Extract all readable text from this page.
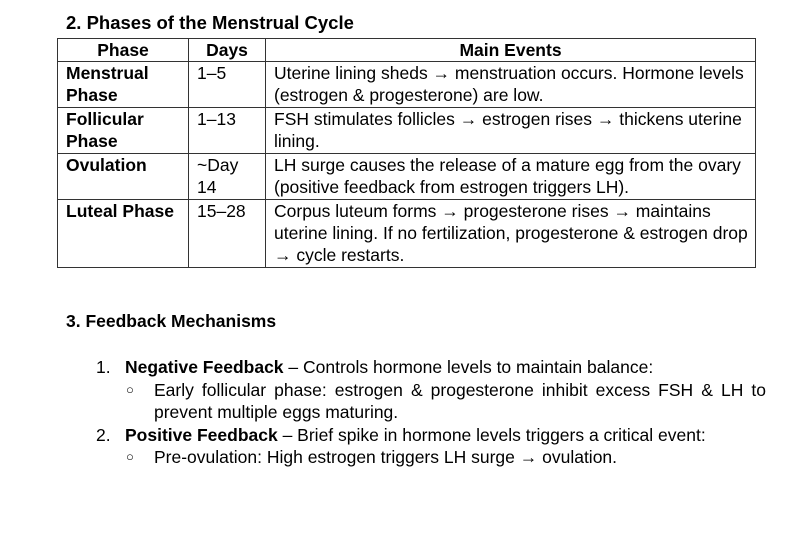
2. Phases of the Menstrual Cycle
Phase	Days	Main Events
Menstrual Phase	1–5	Uterine lining sheds → menstruation occurs. Hormone levels (estrogen & progesterone) are low.
Follicular Phase	1–13	FSH stimulates follicles → estrogen rises → thickens uterine lining.
Ovulation	~Day 14	LH surge causes the release of a mature egg from the ovary (positive feedback from estrogen triggers LH).
Luteal Phase	15–28	Corpus luteum forms → progesterone rises → maintains uterine lining. If no fertilization, progesterone & estrogen drop → cycle restarts.
3. Feedback Mechanisms
1. Negative Feedback – Controls hormone levels to maintain balance:
○ Early follicular phase: estrogen & progesterone inhibit excess FSH & LH to prevent multiple eggs maturing.
2. Positive Feedback – Brief spike in hormone levels triggers a critical event:
○ Pre-ovulation: High estrogen triggers LH surge → ovulation.
